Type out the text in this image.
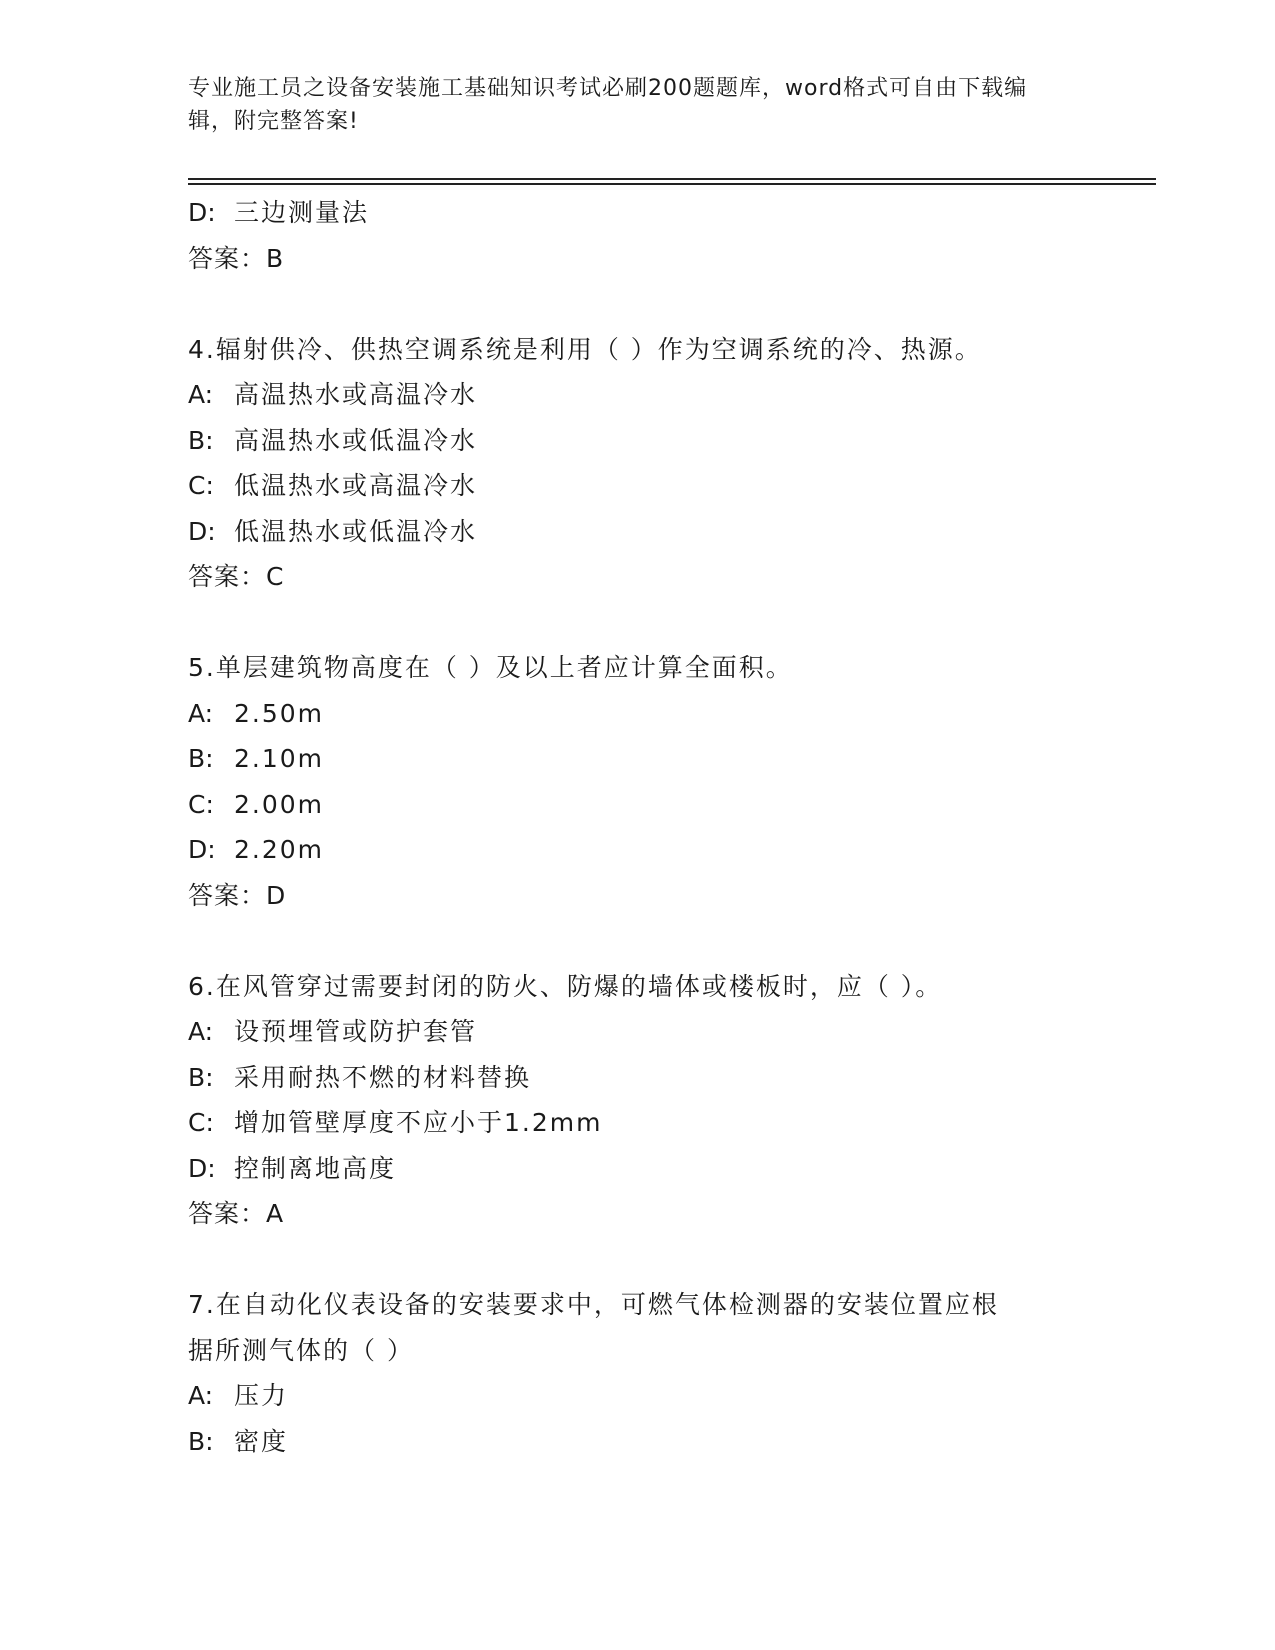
专业施工员之设备安装施工基础知识考试必刷200题题库，word格式可自由下载编辑，附完整答案!
D: 三边测量法
答案：B
4.辐射供冷、供热空调系统是利用（ ）作为空调系统的冷、热源。
A: 高温热水或高温冷水
B: 高温热水或低温冷水
C: 低温热水或高温冷水
D: 低温热水或低温冷水
答案：C
5.单层建筑物高度在（ ）及以上者应计算全面积。
A: 2.50m
B: 2.10m
C: 2.00m
D: 2.20m
答案：D
6.在风管穿过需要封闭的防火、防爆的墙体或楼板时，应（ ）。
A: 设预埋管或防护套管
B: 采用耐热不燃的材料替换
C: 增加管壁厚度不应小于1.2mm
D: 控制离地高度
答案：A
7.在自动化仪表设备的安装要求中，可燃气体检测器的安装位置应根
据所测气体的（ ）
A: 压力
B: 密度
